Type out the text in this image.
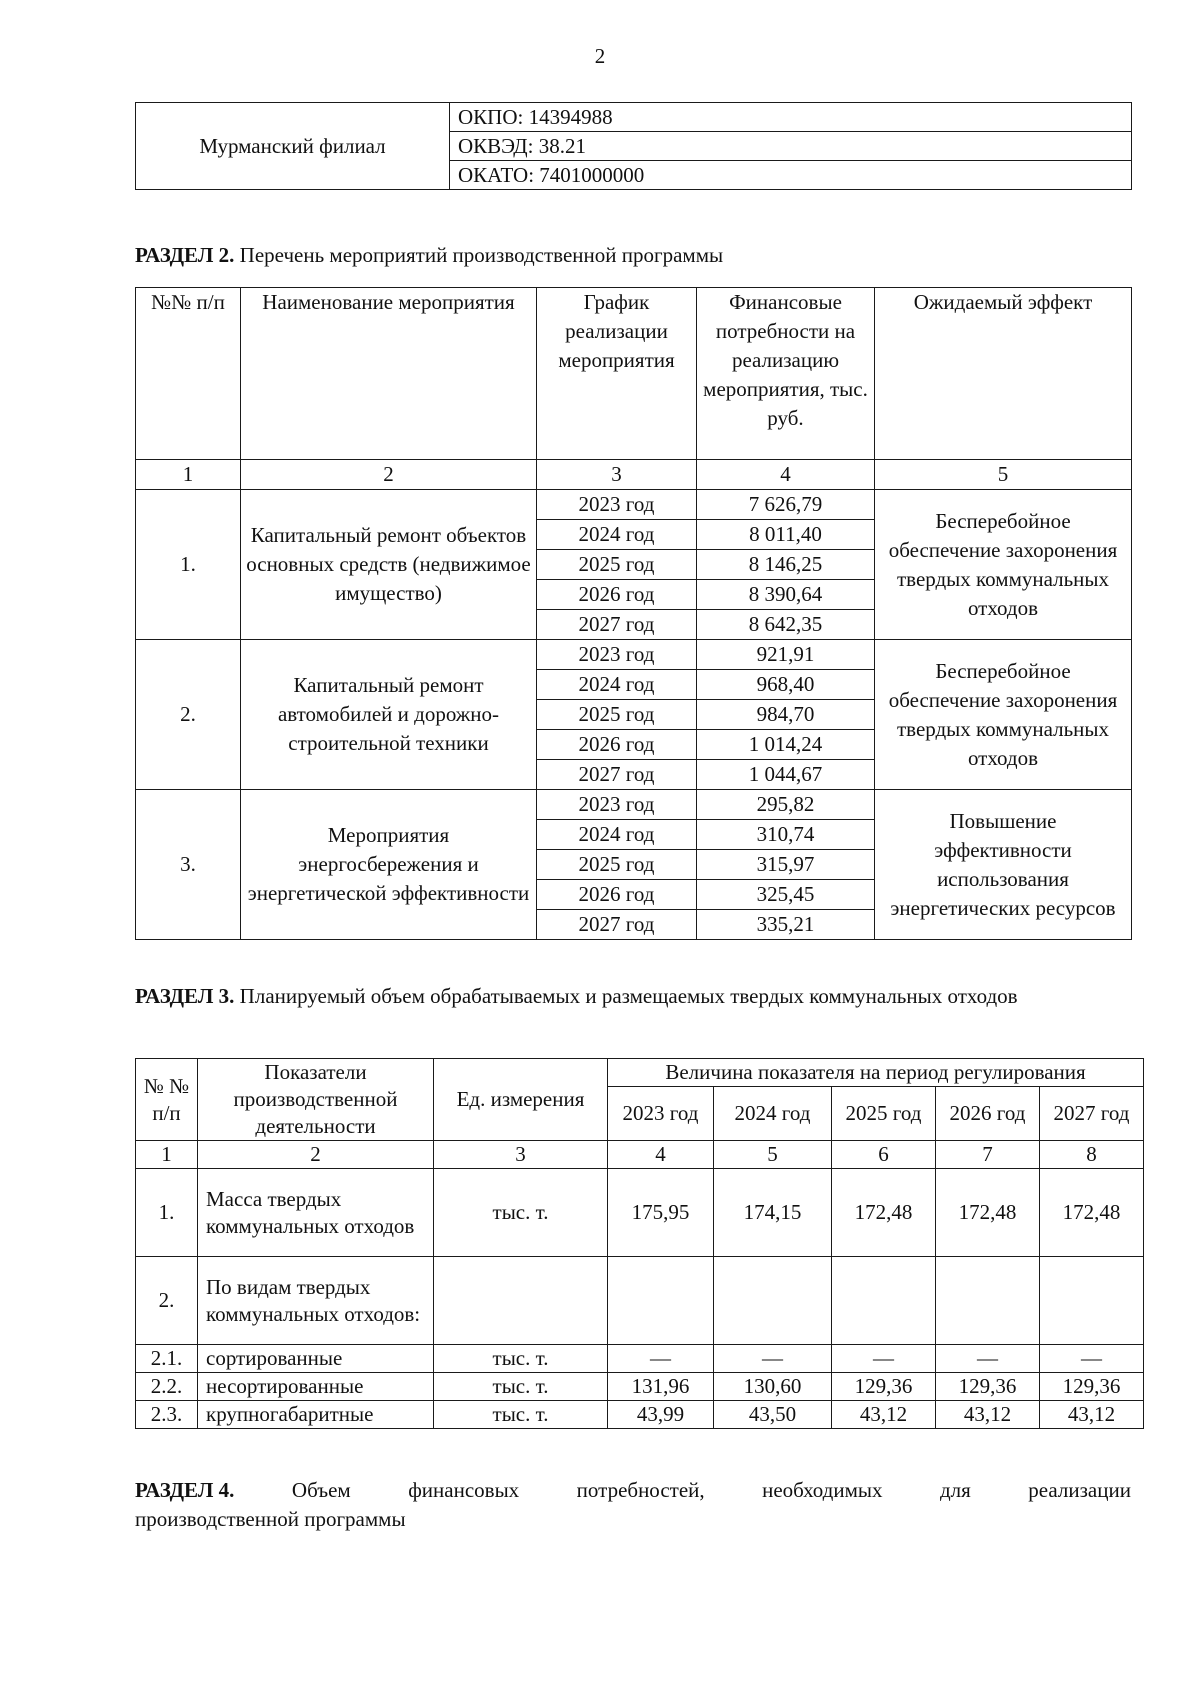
2
Мурманский филиал	ОКПО: 14394988
ОКВЭД: 38.21
ОКАТО: 7401000000
РАЗДЕЛ 2. Перечень мероприятий производственной программы
№№ п/п	Наименование мероприятия	График реализации мероприятия	Финансовые потребности на реализацию мероприятия, тыс. руб.	Ожидаемый эффект
1	2	3	4	5
1.	Капитальный ремонт объектов основных средств (недвижимое имущество)	2023 год	7 626,79	Бесперебойное обеспечение захоронения твердых коммунальных отходов
		2024 год	8 011,40	
		2025 год	8 146,25	
		2026 год	8 390,64	
		2027 год	8 642,35	
2.	Капитальный ремонт автомобилей и дорожно-строительной техники	2023 год	921,91	Бесперебойное обеспечение захоронения твердых коммунальных отходов
		2024 год	968,40	
		2025 год	984,70	
		2026 год	1 014,24	
		2027 год	1 044,67	
3.	Мероприятия энергосбережения и энергетической эффективности	2023 год	295,82	Повышение эффективности использования энергетических ресурсов
		2024 год	310,74	
		2025 год	315,97	
		2026 год	325,45	
		2027 год	335,21	
РАЗДЕЛ 3. Планируемый объем обрабатываемых и размещаемых твердых коммунальных отходов
№ № п/п	Показатели производственной деятельности	Ед. измерения	Величина показателя на период регулирования				
			2023 год	2024 год	2025 год	2026 год	2027 год
1	2	3	4	5	6	7	8
1.	Масса твердых коммунальных отходов	тыс. т.	175,95	174,15	172,48	172,48	172,48
2.	По видам твердых коммунальных отходов:						
2.1.	сортированные	тыс. т.	—	—	—	—	—
2.2.	несортированные	тыс. т.	131,96	130,60	129,36	129,36	129,36
2.3.	крупногабаритные	тыс. т.	43,99	43,50	43,12	43,12	43,12
РАЗДЕЛ 4.	Объем	финансовых	потребностей,	необходимых	для	реализации
производственной программы
